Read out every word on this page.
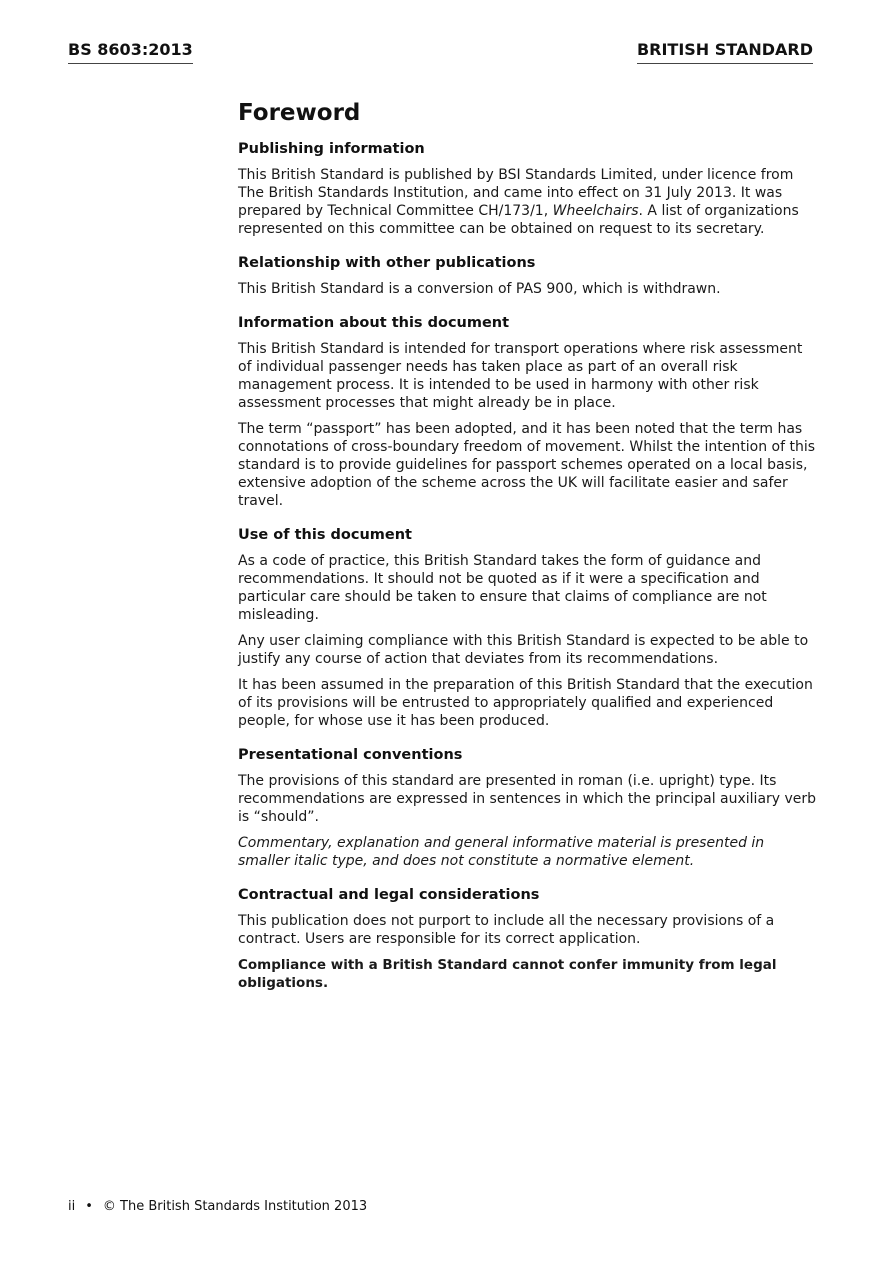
BS 8603:2013	BRITISH STANDARD
Foreword
Publishing information
This British Standard is published by BSI Standards Limited, under licence from The British Standards Institution, and came into effect on 31 July 2013. It was prepared by Technical Committee CH/173/1, Wheelchairs. A list of organizations represented on this committee can be obtained on request to its secretary.
Relationship with other publications
This British Standard is a conversion of PAS 900, which is withdrawn.
Information about this document
This British Standard is intended for transport operations where risk assessment of individual passenger needs has taken place as part of an overall risk management process. It is intended to be used in harmony with other risk assessment processes that might already be in place.
The term “passport” has been adopted, and it has been noted that the term has connotations of cross-boundary freedom of movement. Whilst the intention of this standard is to provide guidelines for passport schemes operated on a local basis, extensive adoption of the scheme across the UK will facilitate easier and safer travel.
Use of this document
As a code of practice, this British Standard takes the form of guidance and recommendations. It should not be quoted as if it were a specification and particular care should be taken to ensure that claims of compliance are not misleading.
Any user claiming compliance with this British Standard is expected to be able to justify any course of action that deviates from its recommendations.
It has been assumed in the preparation of this British Standard that the execution of its provisions will be entrusted to appropriately qualified and experienced people, for whose use it has been produced.
Presentational conventions
The provisions of this standard are presented in roman (i.e. upright) type. Its recommendations are expressed in sentences in which the principal auxiliary verb is “should”.
Commentary, explanation and general informative material is presented in smaller italic type, and does not constitute a normative element.
Contractual and legal considerations
This publication does not purport to include all the necessary provisions of a contract. Users are responsible for its correct application.
Compliance with a British Standard cannot confer immunity from legal obligations.
ii • © The British Standards Institution 2013
